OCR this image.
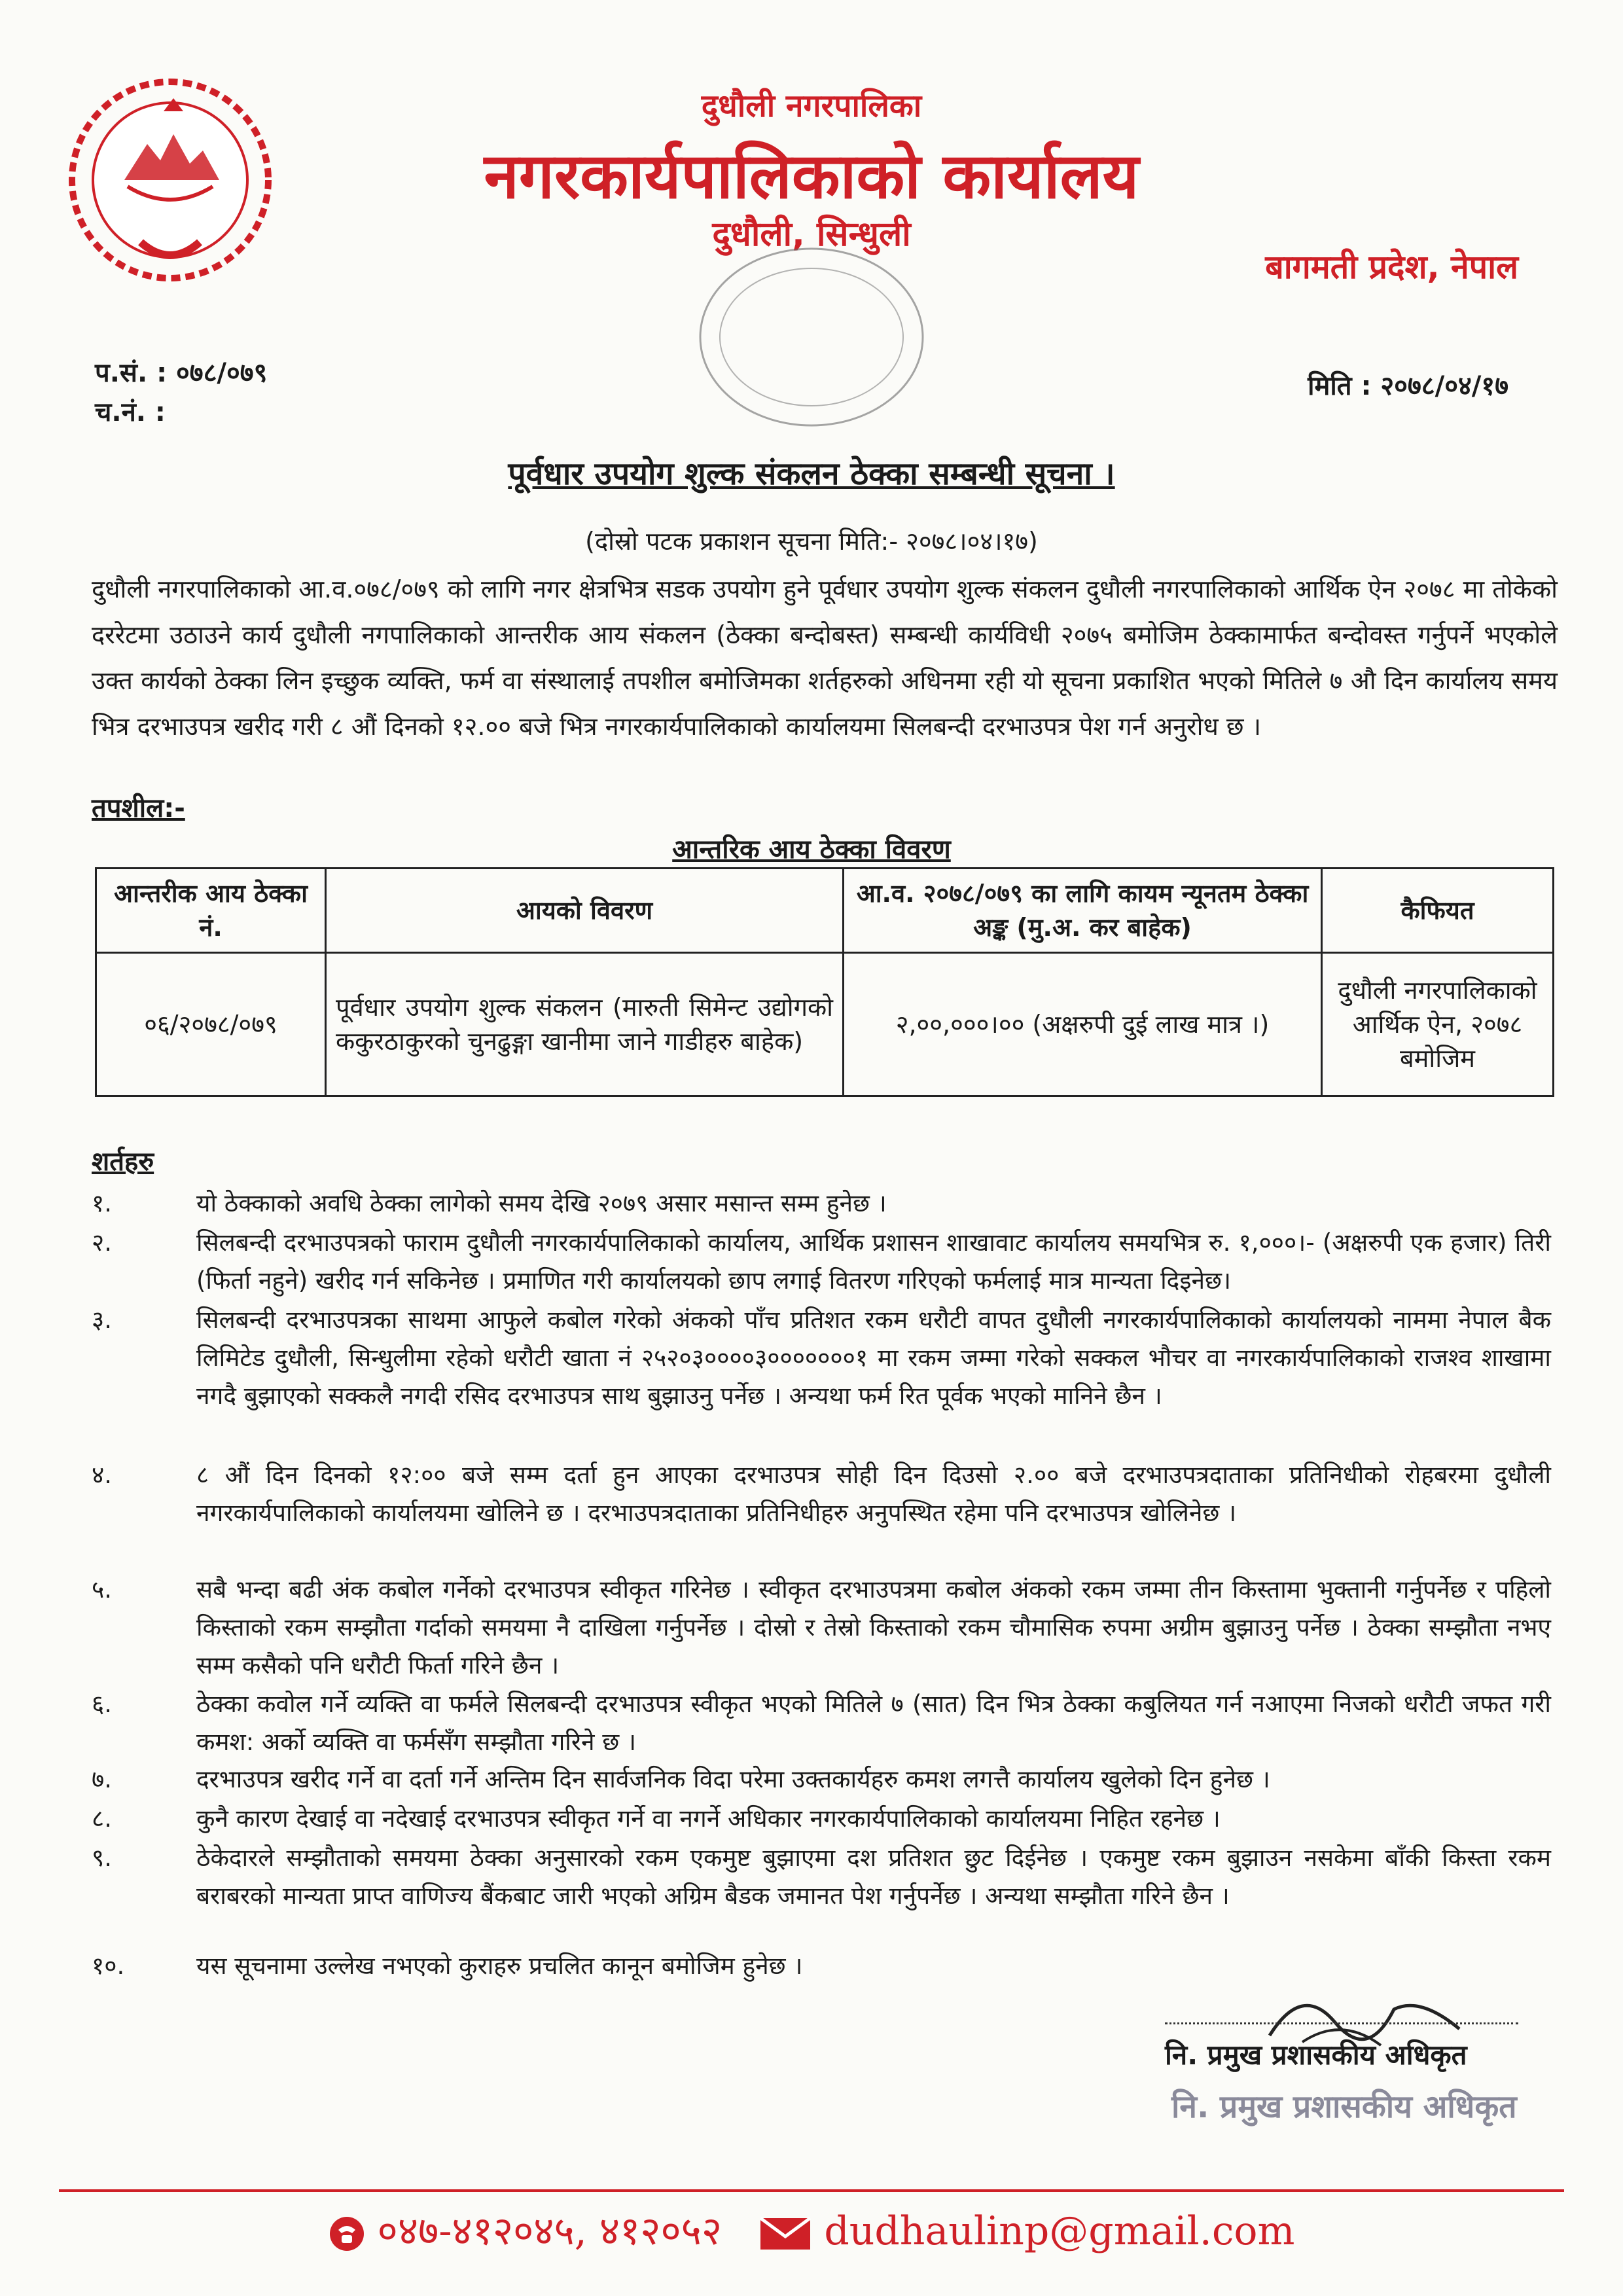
दुधौली नगरपालिका
नगरकार्यपालिकाको कार्यालय
दुधौली, सिन्धुली
बागमती प्रदेश, नेपाल
प.सं. : ०७८/०७९
च.नं. :
मिति : २०७८/०४/१७
पूर्वधार उपयोग शुल्क संकलन ठेक्का सम्बन्धी सूचना ।
(दोस्रो पटक प्रकाशन सूचना मिति:- २०७८।०४।१७)
दुधौली नगरपालिकाको आ.व.०७८/०७९ को लागि नगर क्षेत्रभित्र सडक उपयोग हुने पूर्वधार उपयोग शुल्क संकलन दुधौली नगरपालिकाको आर्थिक ऐन २०७८ मा तोकेको दररेटमा उठाउने कार्य दुधौली नगपालिकाको आन्तरीक आय संकलन (ठेक्का बन्दोबस्त) सम्बन्धी कार्यविधी २०७५ बमोजिम ठेक्कामार्फत बन्दोवस्त गर्नुपर्ने भएकोले उक्त कार्यको ठेक्का लिन इच्छुक व्यक्ति, फर्म वा संस्थालाई तपशील बमोजिमका शर्तहरुको अधिनमा रही यो सूचना प्रकाशित भएको मितिले ७ औ दिन कार्यालय समय भित्र दरभाउपत्र खरीद गरी ८ औं दिनको १२.०० बजे भित्र नगरकार्यपालिकाको कार्यालयमा सिलबन्दी दरभाउपत्र पेश गर्न अनुरोध छ ।
तपशील:-
आन्तरिक आय ठेक्का विवरण
आन्तरीक आय ठेक्का नं.	आयको विवरण	आ.व. २०७८/०७९ का लागि कायम न्यूनतम ठेक्का अङ्क (मु.अ. कर बाहेक)	कैफियत
०६/२०७८/०७९	पूर्वधार उपयोग शुल्क संकलन (मारुती सिमेन्ट उद्योगको ककुरठाकुरको चुनढुङ्गा खानीमा जाने गाडीहरु बाहेक)	२,००,०००।०० (अक्षरुपी दुई लाख मात्र ।)	दुधौली नगरपालिकाको आर्थिक ऐन, २०७८ बमोजिम
शर्तहरु
१.	यो ठेक्काको अवधि ठेक्का लागेको समय देखि २०७९ असार मसान्त सम्म हुनेछ ।
२.	सिलबन्दी दरभाउपत्रको फाराम दुधौली नगरकार्यपालिकाको कार्यालय, आर्थिक प्रशासन शाखावाट कार्यालय समयभित्र रु. १,०००।- (अक्षरुपी एक हजार) तिरी (फिर्ता नहुने) खरीद गर्न सकिनेछ । प्रमाणित गरी कार्यालयको छाप लगाई वितरण गरिएको फर्मलाई मात्र मान्यता दिइनेछ।
३.	सिलबन्दी दरभाउपत्रका साथमा आफुले कबोल गरेको अंकको पाँच प्रतिशत रकम धरौटी वापत दुधौली नगरकार्यपालिकाको कार्यालयको नाममा नेपाल बैक लिमिटेड दुधौली, सिन्धुलीमा रहेको धरौटी खाता नं २५२०३००००३०००००००१ मा रकम जम्मा गरेको सक्कल भौचर वा नगरकार्यपालिकाको राजश्व शाखामा नगदै बुझाएको सक्कलै नगदी रसिद दरभाउपत्र साथ बुझाउनु पर्नेछ । अन्यथा फर्म रित पूर्वक भएको मानिने छैन ।
४.	८ औं दिन दिनको १२:०० बजे सम्म दर्ता हुन आएका दरभाउपत्र सोही दिन दिउसो २.०० बजे दरभाउपत्रदाताका प्रतिनिधीको रोहबरमा दुधौली नगरकार्यपालिकाको कार्यालयमा खोलिने छ । दरभाउपत्रदाताका प्रतिनिधीहरु अनुपस्थित रहेमा पनि दरभाउपत्र खोलिनेछ ।
५.	सबै भन्दा बढी अंक कबोल गर्नेको दरभाउपत्र स्वीकृत गरिनेछ । स्वीकृत दरभाउपत्रमा कबोल अंकको रकम जम्मा तीन किस्तामा भुक्तानी गर्नुपर्नेछ र पहिलो किस्ताको रकम सम्झौता गर्दाको समयमा नै दाखिला गर्नुपर्नेछ । दोस्रो र तेस्रो किस्ताको रकम चौमासिक रुपमा अग्रीम बुझाउनु पर्नेछ । ठेक्का सम्झौता नभए सम्म कसैको पनि धरौटी फिर्ता गरिने छैन ।
६.	ठेक्का कवोल गर्ने व्यक्ति वा फर्मले सिलबन्दी दरभाउपत्र स्वीकृत भएको मितिले ७ (सात) दिन भित्र ठेक्का कबुलियत गर्न नआएमा निजको धरौटी जफत गरी कमश: अर्को व्यक्ति वा फर्मसँग सम्झौता गरिने छ ।
७.	दरभाउपत्र खरीद गर्ने वा दर्ता गर्ने अन्तिम दिन सार्वजनिक विदा परेमा उक्तकार्यहरु कमश लगत्तै कार्यालय खुलेको दिन हुनेछ ।
८.	कुनै कारण देखाई वा नदेखाई दरभाउपत्र स्वीकृत गर्ने वा नगर्ने अधिकार नगरकार्यपालिकाको कार्यालयमा निहित रहनेछ ।
९.	ठेकेदारले सम्झौताको समयमा ठेक्का अनुसारको रकम एकमुष्ट बुझाएमा दश प्रतिशत छुट दिईनेछ । एकमुष्ट रकम बुझाउन नसकेमा बाँकी किस्ता रकम बराबरको मान्यता प्राप्त वाणिज्य बैंकबाट जारी भएको अग्रिम बैडक जमानत पेश गर्नुपर्नेछ । अन्यथा सम्झौता गरिने छैन ।
१०.	यस सूचनामा उल्लेख नभएको कुराहरु प्रचलित कानून बमोजिम हुनेछ ।
नि. प्रमुख प्रशासकीय अधिकृत
नि. प्रमुख प्रशासकीय अधिकृत
०४७-४१२०४५, ४१२०५२	dudhaulinp@gmail.com
